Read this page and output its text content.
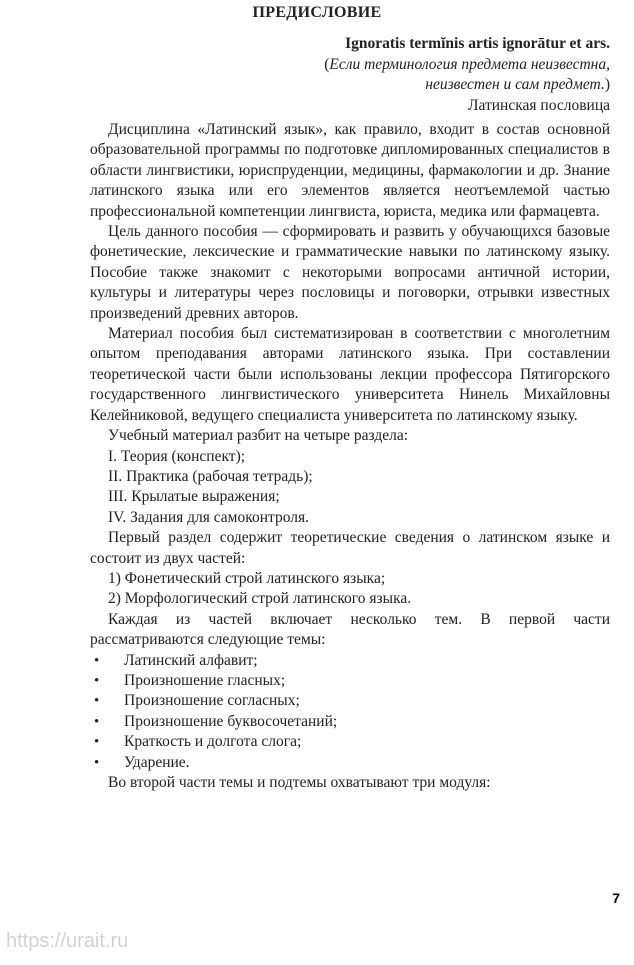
ПРЕДИСЛОВИЕ
Ignoratis termĭnis artis ignorātur et ars.
(Если терминология предмета неизвестна,
неизвестен и сам предмет.)
Латинская пословица

Дисциплина «Латинский язык», как правило, входит в состав основной образовательной программы по подготовке дипломированных специалистов в области лингвистики, юриспруденции, медицины, фармакологии и др. Знание латинского языка или его элементов является неотъемлемой частью профессиональной компетенции лингвиста, юриста, медика или фармацевта.

Цель данного пособия — сформировать и развить у обучающихся базовые фонетические, лексические и грамматические навыки по латинскому языку. Пособие также знакомит с некоторыми вопросами античной истории, культуры и литературы через пословицы и поговорки, отрывки известных произведений древних авторов.

Материал пособия был систематизирован в соответствии с многолетним опытом преподавания авторами латинского языка. При составлении теоретической части были использованы лекции профессора Пятигорского государственного лингвистического университета Нинель Михайловны Келейниковой, ведущего специалиста университета по латинскому языку.

Учебный материал разбит на четыре раздела:

I. Теория (конспект);

II. Практика (рабочая тетрадь);

III. Крылатые выражения;

IV. Задания для самоконтроля.

Первый раздел содержит теоретические сведения о латинском языке и состоит из двух частей:

1) Фонетический строй латинского языка;

2) Морфологический строй латинского языка.

Каждая из частей включает несколько тем. В первой части рассматриваются следующие темы:

• Латинский алфавит;
• Произношение гласных;
• Произношение согласных;
• Произношение буквосочетаний;
• Краткость и долгота слога;
• Ударение.

Во второй части темы и подтемы охватывают три модуля:

7
https://urait.ru
